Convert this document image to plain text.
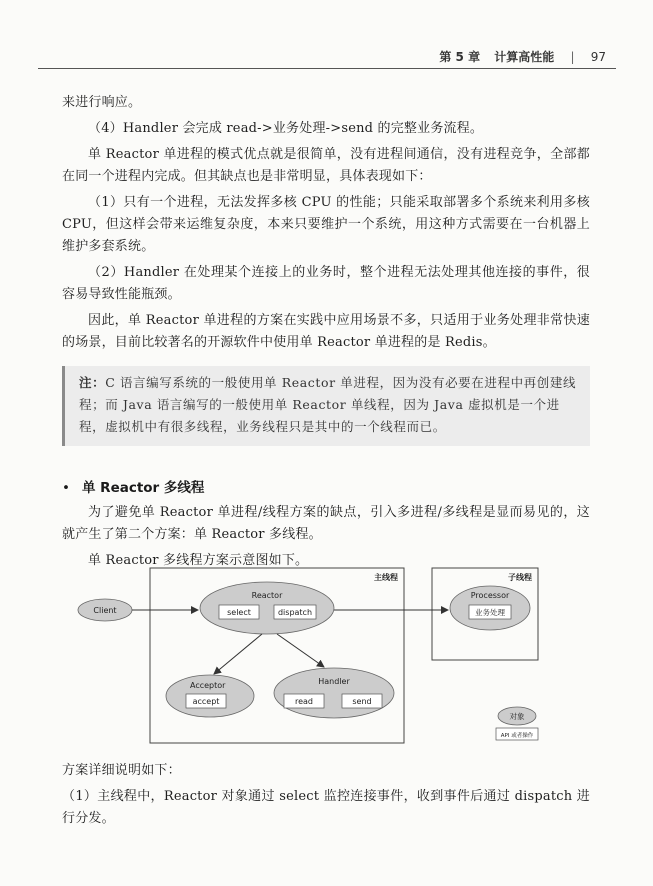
第 5 章 计算高性能 | 97

来进行响应。

（4）Handler 会完成 read->业务处理->send 的完整业务流程。

单 Reactor 单进程的模式优点就是很简单，没有进程间通信，没有进程竞争，全部都在同一个进程内完成。但其缺点也是非常明显，具体表现如下：

（1）只有一个进程，无法发挥多核 CPU 的性能；只能采取部署多个系统来利用多核 CPU，但这样会带来运维复杂度，本来只要维护一个系统，用这种方式需要在一台机器上维护多套系统。

（2）Handler 在处理某个连接上的业务时，整个进程无法处理其他连接的事件，很容易导致性能瓶颈。

因此，单 Reactor 单进程的方案在实践中应用场景不多，只适用于业务处理非常快速的场景，目前比较著名的开源软件中使用单 Reactor 单进程的是 Redis。

注：C 语言编写系统的一般使用单 Reactor 单进程，因为没有必要在进程中再创建线程；而 Java 语言编写的一般使用单 Reactor 单线程，因为 Java 虚拟机是一个进程，虚拟机中有很多线程，业务线程只是其中的一个线程而已。
• 单 Reactor 多线程

为了避免单 Reactor 单进程/线程方案的缺点，引入多进程/多线程是显而易见的，这就产生了第二个方案：单 Reactor 多线程。

单 Reactor 多线程方案示意图如下。

主线程	子线程
Client
Reactor
select	dispatch
Processor
业务处理
Acceptor
accept
Handler
read	send
对象
API 或者操作

方案详细说明如下：

（1）主线程中，Reactor 对象通过 select 监控连接事件，收到事件后通过 dispatch 进行分发。
